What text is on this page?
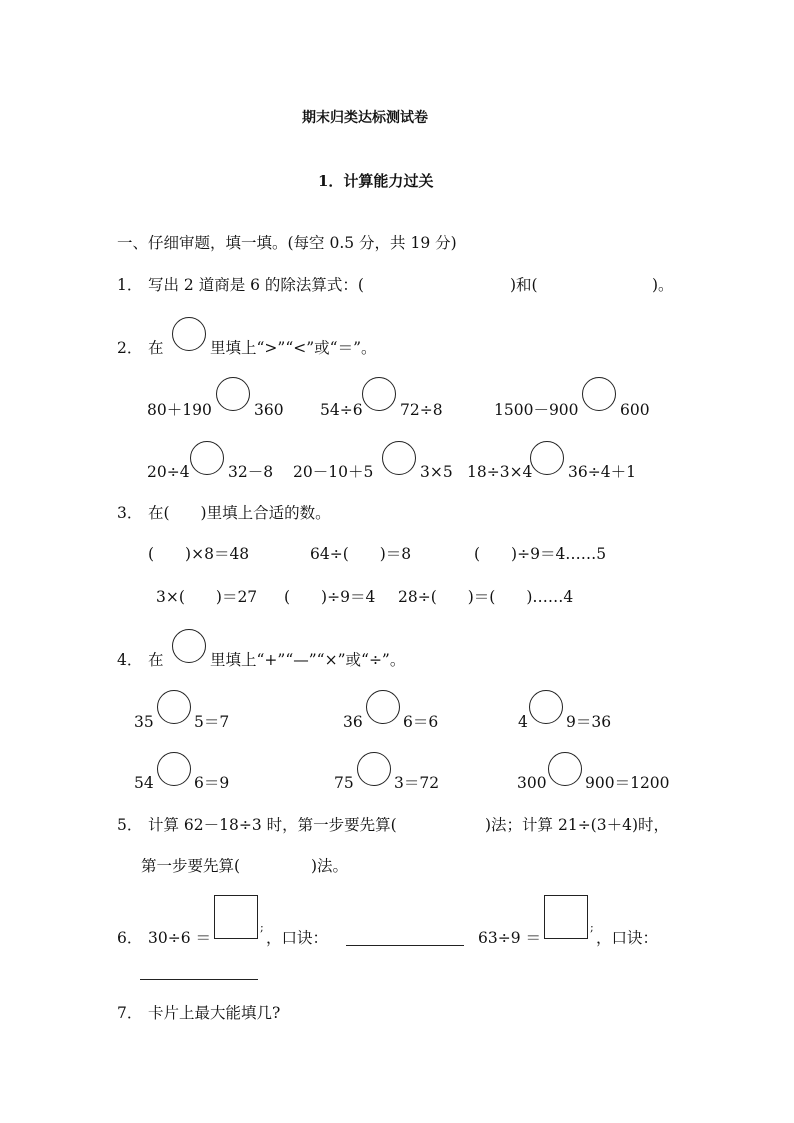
期末归类达标测试卷
1．计算能力过关
一、仔细审题，填一填。(每空 0.5 分，共 19 分)
1． 写出 2 道商是 6 的除法算式：(	)和(	)。
2． 在	里填上“>”“<”或“＝”。
80＋190	360 54÷6 72÷8	1500－900	600
20÷4 32－8 20－10＋5	3×5 18÷3×4 36÷4＋1
3． 在(　　)里填上合适的数。
(　　)×8＝48	64÷(　　)＝8	(　　)÷9＝4……5
3×(　　)＝27 (　　)÷9＝4 28÷(　　)＝(　　)……4
4． 在	里填上“+”“—”“×”或“÷”。
35	5＝7	36	6＝6	4 9＝36
54	6＝9	75	3＝72	300 900＝1200
5． 计算 62－18÷3 时，第一步要先算(	)法；计算 21÷(3＋4)时，
第一步要先算(	)法。
6． 30÷6 ＝
;
，口诀：	63÷9 ＝
;
，口诀：
7． 卡片上最大能填几?
